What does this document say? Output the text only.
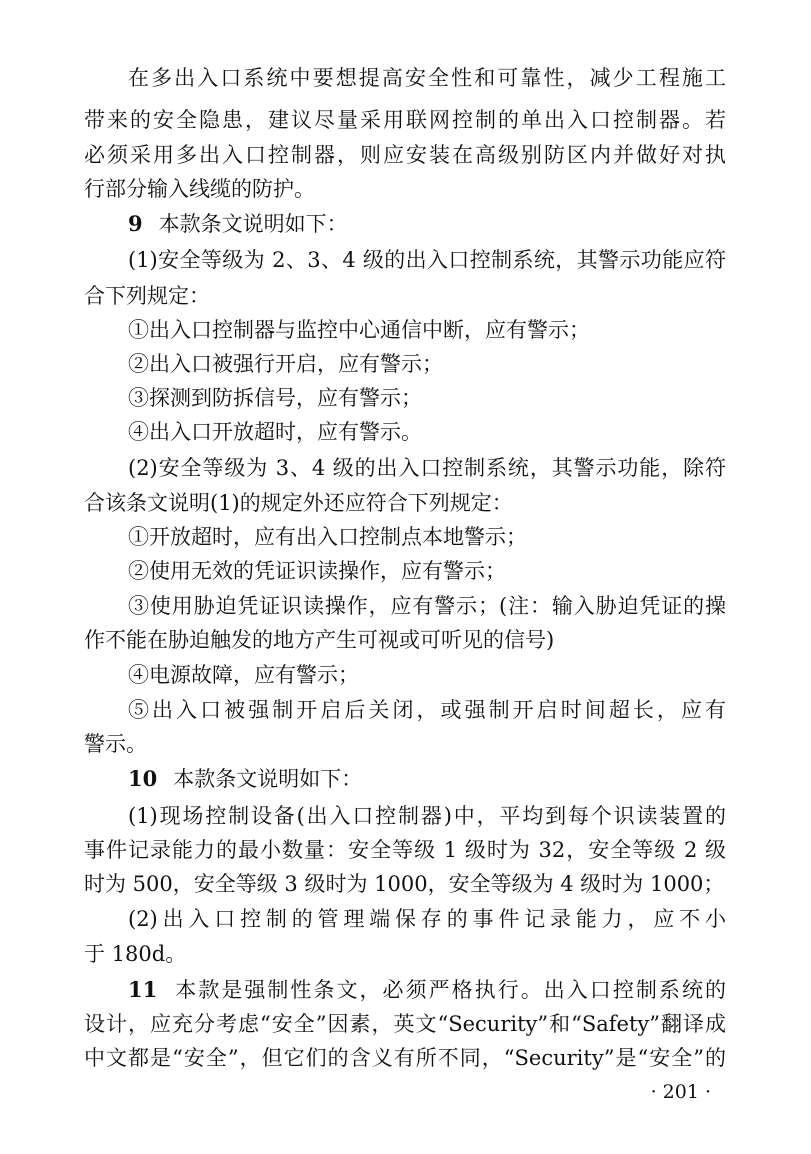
在多出入口系统中要想提高安全性和可靠性，减少工程施工
带来的安全隐患，建议尽量采用联网控制的单出入口控制器。若
必须采用多出入口控制器，则应安装在高级别防区内并做好对执
行部分输入线缆的防护。
9 本款条文说明如下：
(1)安全等级为 2、3、4 级的出入口控制系统，其警示功能应符
合下列规定：
①出入口控制器与监控中心通信中断，应有警示；
②出入口被强行开启，应有警示；
③探测到防拆信号，应有警示；
④出入口开放超时，应有警示。
(2)安全等级为 3、4 级的出入口控制系统，其警示功能，除符
合该条文说明(1)的规定外还应符合下列规定：
①开放超时，应有出入口控制点本地警示；
②使用无效的凭证识读操作，应有警示；
③使用胁迫凭证识读操作，应有警示；(注：输入胁迫凭证的操
作不能在胁迫触发的地方产生可视或可听见的信号)
④电源故障，应有警示；
⑤出入口被强制开启后关闭，或强制开启时间超长，应有
警示。
10 本款条文说明如下：
(1)现场控制设备(出入口控制器)中，平均到每个识读装置的
事件记录能力的最小数量：安全等级 1 级时为 32，安全等级 2 级
时为 500，安全等级 3 级时为 1000，安全等级为 4 级时为 1000；
(2)出入口控制的管理端保存的事件记录能力，应不小
于 180d。
11 本款是强制性条文，必须严格执行。出入口控制系统的
设计，应充分考虑“安全”因素，英文“Security”和“Safety”翻译成
中文都是“安全”，但它们的含义有所不同，“Security”是“安全”的
· 201 ·
